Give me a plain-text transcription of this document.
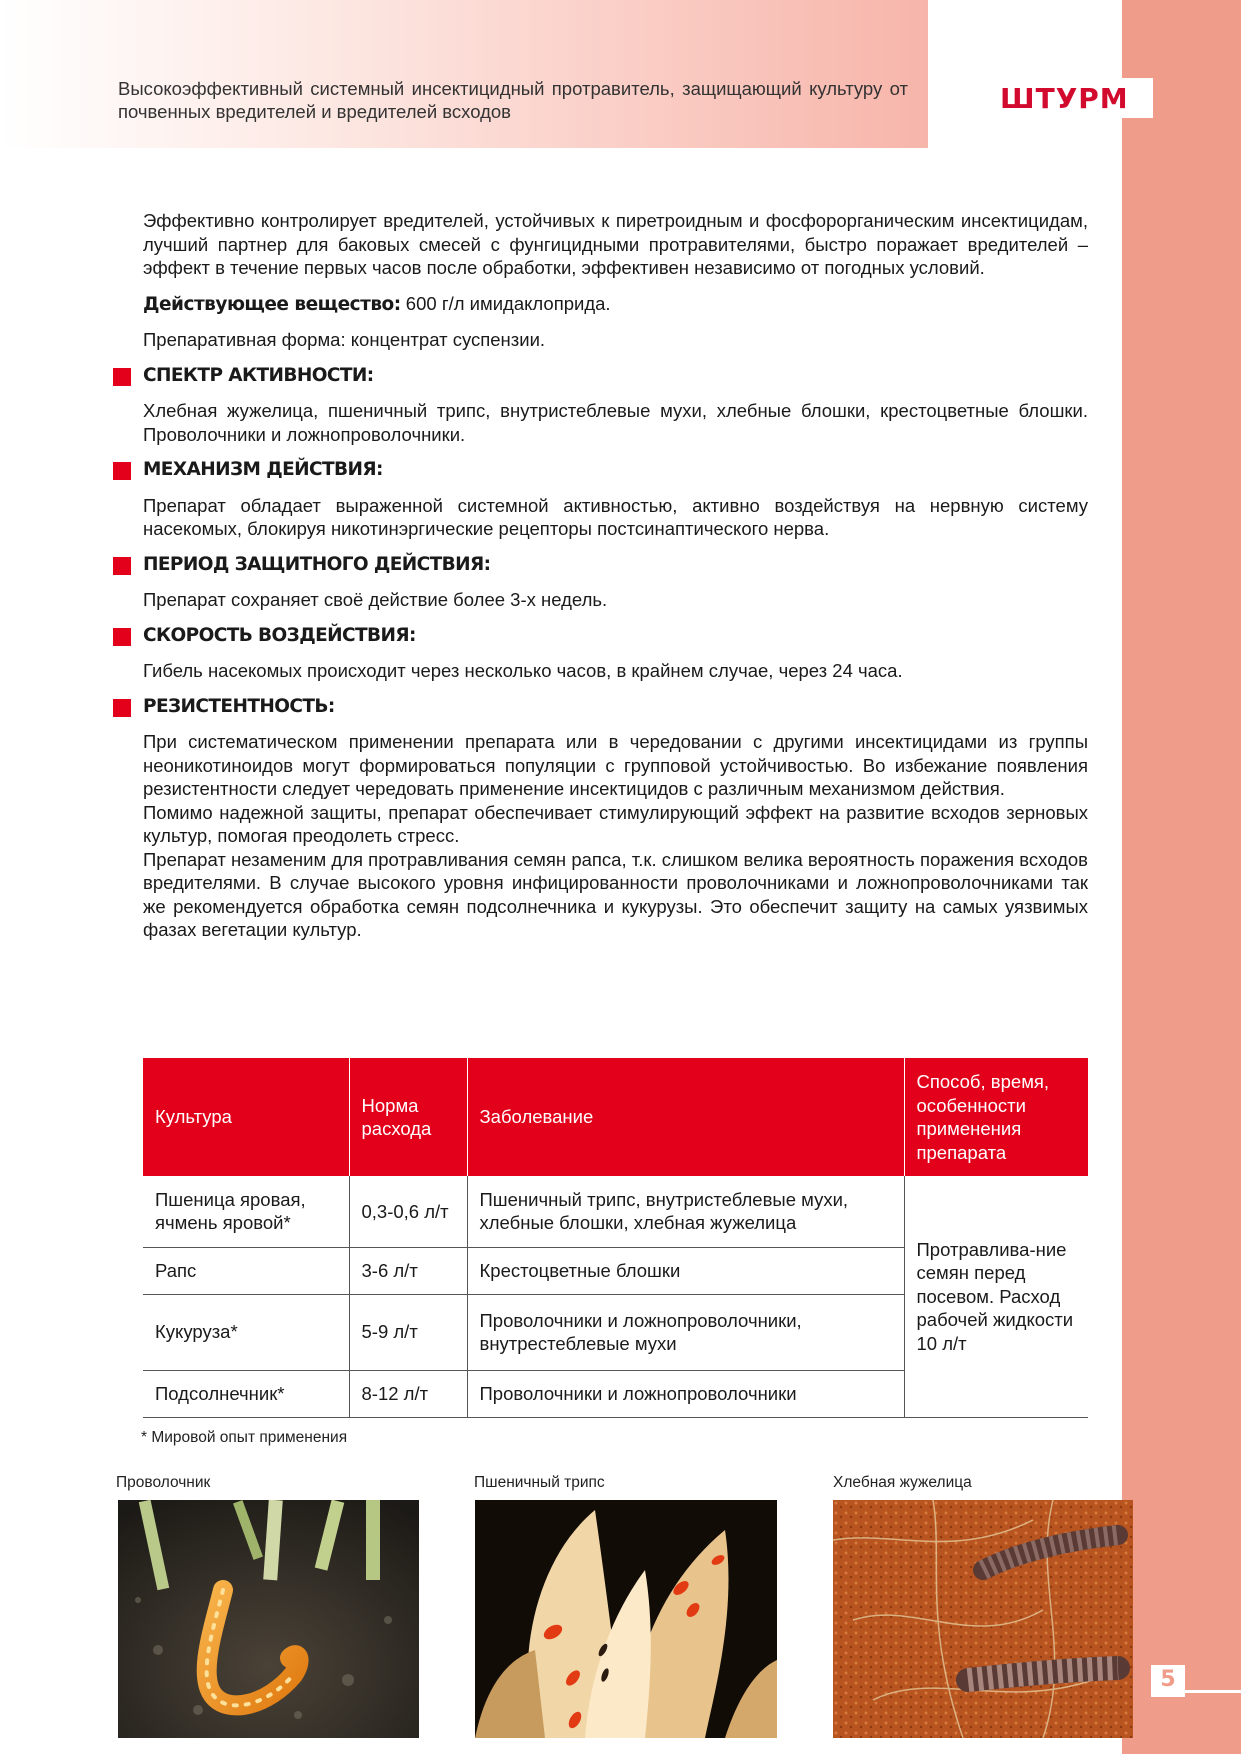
Высокоэффективный системный инсектицидный протравитель, защищающий культуру от почвенных вредителей и вредителей всходов	ШТУРМ

Эффективно контролирует вредителей, устойчивых к пиретроидным и фосфорорганическим инсектицидам, лучший партнер для баковых смесей с фунгицидными протравителями, быстро поражает вредителей – эффект в течение первых часов после обработки, эффективен независимо от погодных условий.

Действующее вещество: 600 г/л имидаклоприда.

Препаративная форма: концентрат суспензии.

СПЕКТР АКТИВНОСТИ:

Хлебная жужелица, пшеничный трипс, внутристеблевые мухи, хлебные блошки, крестоцветные блошки. Проволочники и ложнопроволочники.

МЕХАНИЗМ ДЕЙСТВИЯ:

Препарат обладает выраженной системной активностью, активно воздействуя на нервную систему насекомых, блокируя никотинэргические рецепторы постсинаптического нерва.

ПЕРИОД ЗАЩИТНОГО ДЕЙСТВИЯ:

Препарат сохраняет своё действие более 3-х недель.

СКОРОСТЬ ВОЗДЕЙСТВИЯ:

Гибель насекомых происходит через несколько часов, в крайнем случае, через 24 часа.

РЕЗИСТЕНТНОСТЬ:

При систематическом применении препарата или в чередовании с другими инсектицидами из группы неоникотиноидов могут формироваться популяции с групповой устойчивостью. Во избежание появления резистентности следует чередовать применение инсектицидов с различным механизмом действия.

Помимо надежной защиты, препарат обеспечивает стимулирующий эффект на развитие всходов зерновых культур, помогая преодолеть стресс.

Препарат незаменим для протравливания семян рапса, т.к. слишком велика вероятность поражения всходов вредителями. В случае высокого уровня инфицированности проволочниками и ложнопроволочниками так же рекомендуется обработка семян подсолнечника и кукурузы. Это обеспечит защиту на самых уязвимых фазах вегетации культур.

Культура	Норма расхода	Заболевание	Способ, время, особенности применения препарата
Пшеница яровая, ячмень яровой*	0,3-0,6 л/т	Пшеничный трипс, внутристеблевые мухи, хлебные блошки, хлебная жужелица	Протравлива-ние семян перед посевом. Расход рабочей жидкости 10 л/т
Рапс	3-6 л/т	Крестоцветные блошки	
Кукуруза*	5-9 л/т	Проволочники и ложнопроволочники, внутрестеблевые мухи	
Подсолнечник*	8-12 л/т	Проволочники и ложнопроволочники	
* Мировой опыт применения
Проволочник	Пшеничный трипс	Хлебная жужелица
5
